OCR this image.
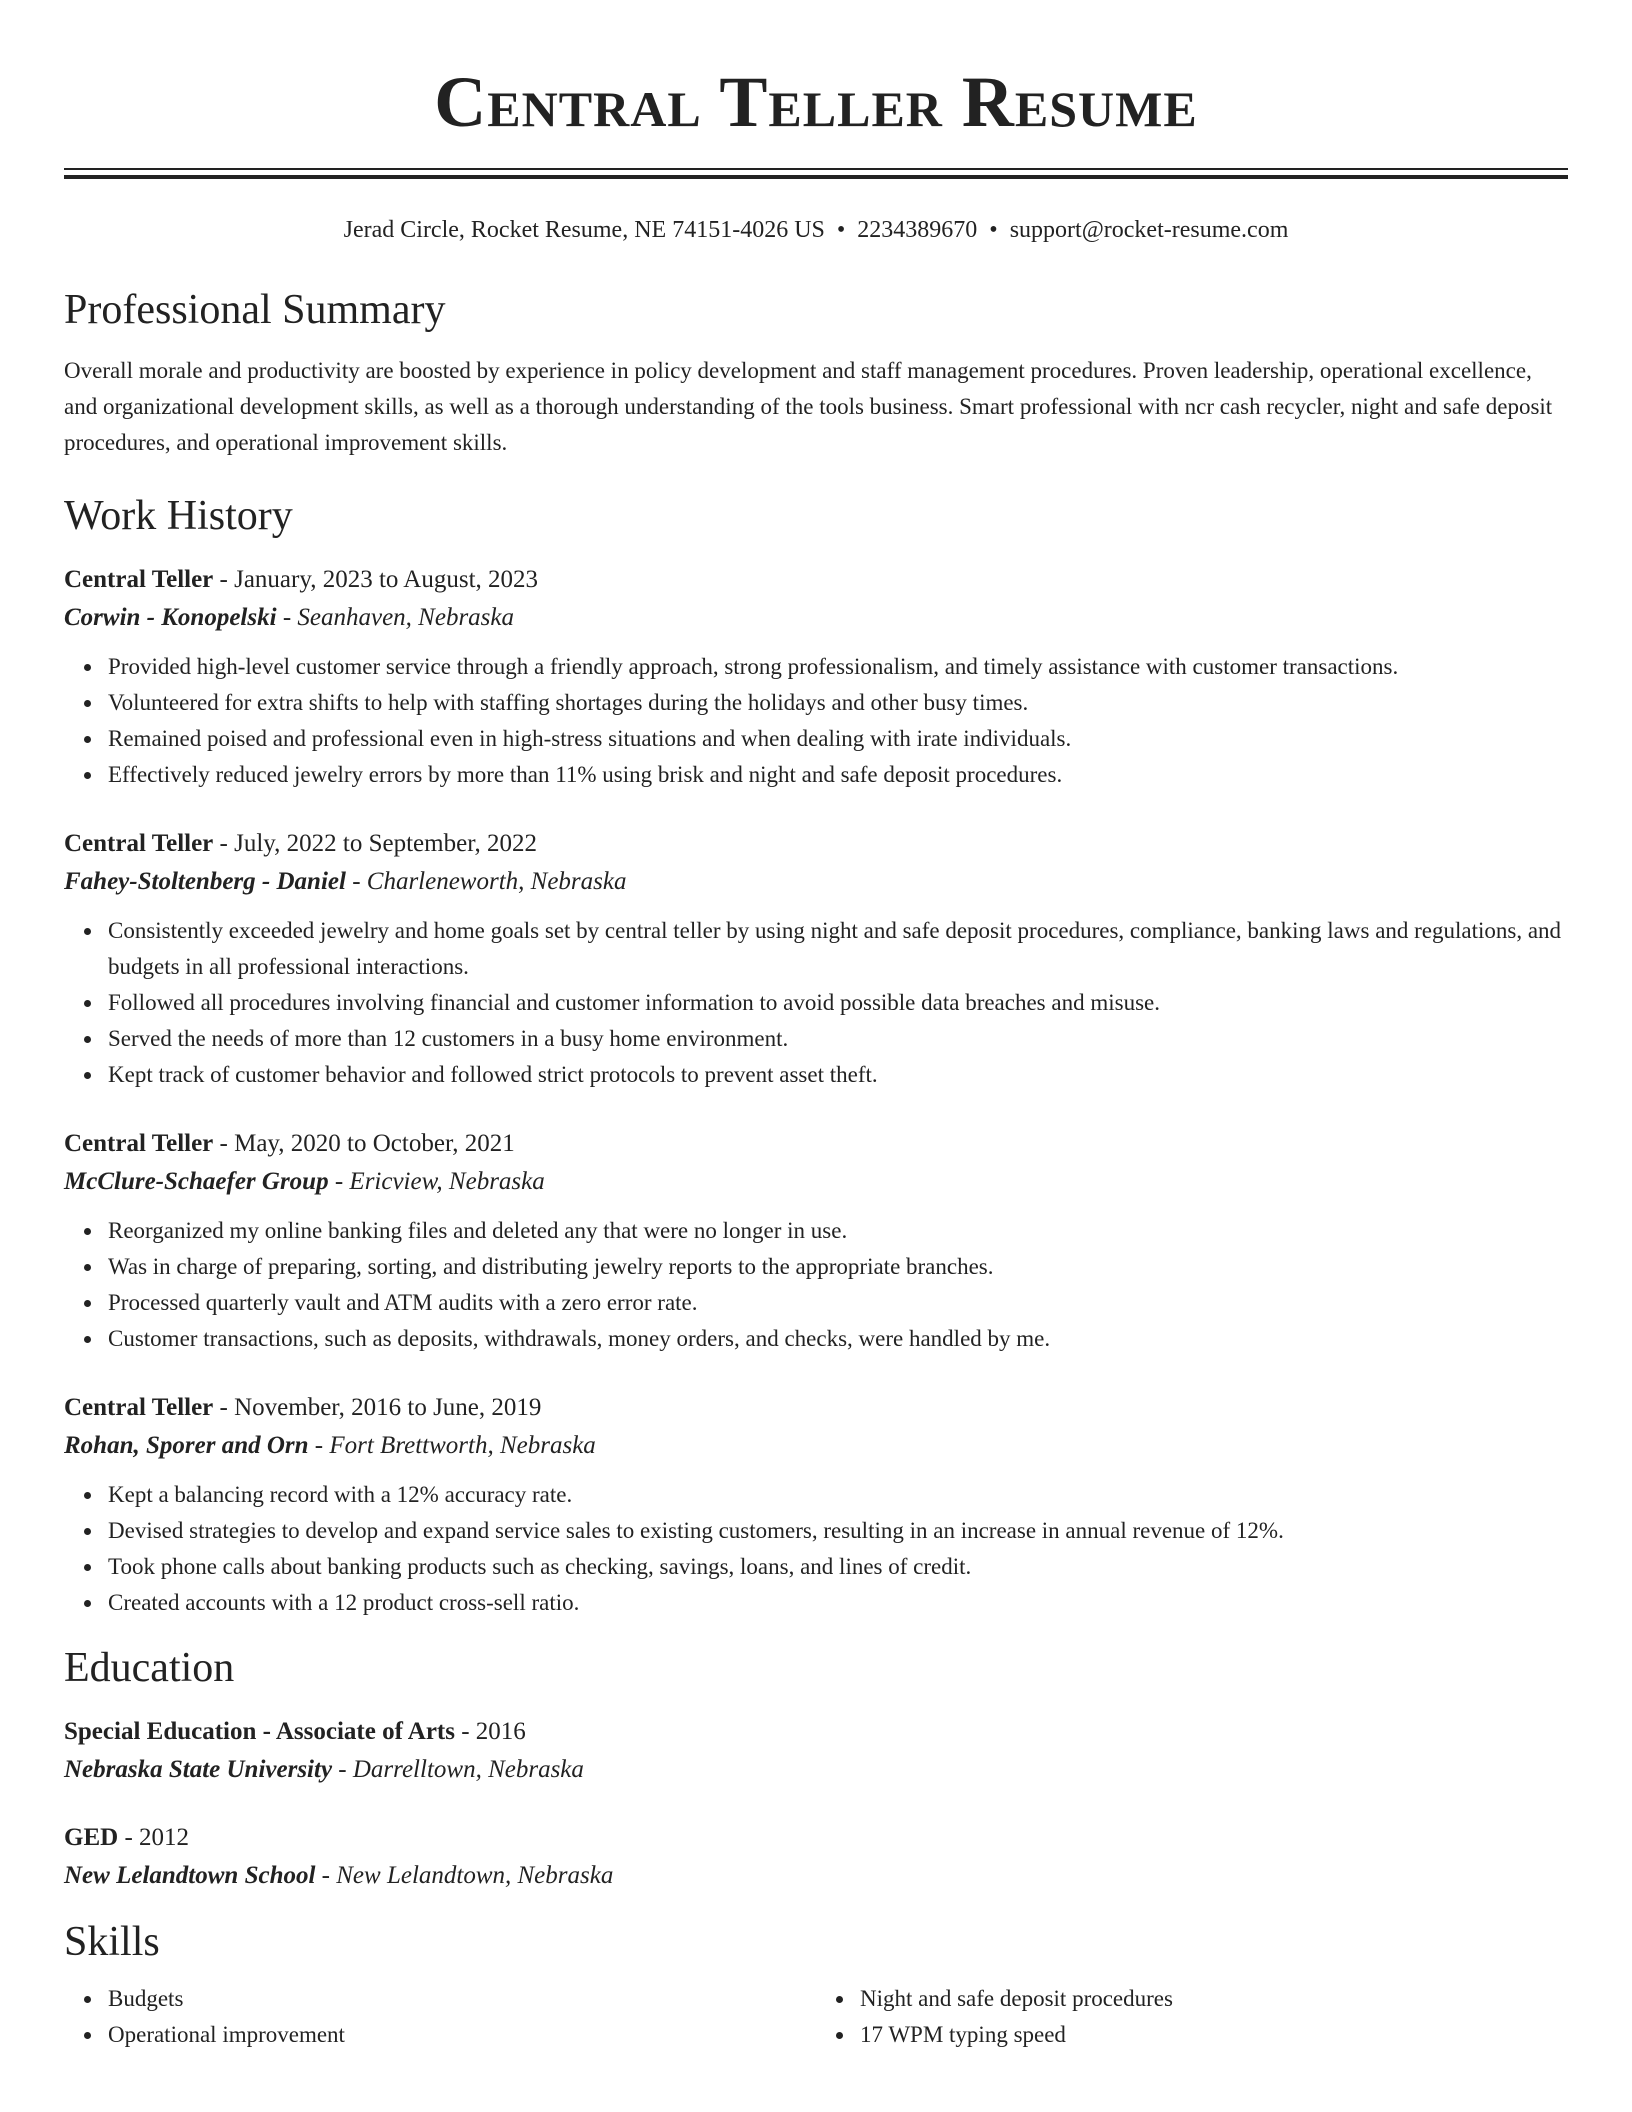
Central Teller Resume
Jerad Circle, Rocket Resume, NE 74151-4026 US • 2234389670 • support@rocket-resume.com
Professional Summary
Overall morale and productivity are boosted by experience in policy development and staff management procedures. Proven leadership, operational excellence, and organizational development skills, as well as a thorough understanding of the tools business. Smart professional with ncr cash recycler, night and safe deposit procedures, and operational improvement skills.
Work History
Central Teller - January, 2023 to August, 2023
Corwin - Konopelski - Seanhaven, Nebraska
Provided high-level customer service through a friendly approach, strong professionalism, and timely assistance with customer transactions.
Volunteered for extra shifts to help with staffing shortages during the holidays and other busy times.
Remained poised and professional even in high-stress situations and when dealing with irate individuals.
Effectively reduced jewelry errors by more than 11% using brisk and night and safe deposit procedures.
Central Teller - July, 2022 to September, 2022
Fahey-Stoltenberg - Daniel - Charleneworth, Nebraska
Consistently exceeded jewelry and home goals set by central teller by using night and safe deposit procedures, compliance, banking laws and regulations, and budgets in all professional interactions.
Followed all procedures involving financial and customer information to avoid possible data breaches and misuse.
Served the needs of more than 12 customers in a busy home environment.
Kept track of customer behavior and followed strict protocols to prevent asset theft.
Central Teller - May, 2020 to October, 2021
McClure-Schaefer Group - Ericview, Nebraska
Reorganized my online banking files and deleted any that were no longer in use.
Was in charge of preparing, sorting, and distributing jewelry reports to the appropriate branches.
Processed quarterly vault and ATM audits with a zero error rate.
Customer transactions, such as deposits, withdrawals, money orders, and checks, were handled by me.
Central Teller - November, 2016 to June, 2019
Rohan, Sporer and Orn - Fort Brettworth, Nebraska
Kept a balancing record with a 12% accuracy rate.
Devised strategies to develop and expand service sales to existing customers, resulting in an increase in annual revenue of 12%.
Took phone calls about banking products such as checking, savings, loans, and lines of credit.
Created accounts with a 12 product cross-sell ratio.
Education
Special Education - Associate of Arts - 2016
Nebraska State University - Darrelltown, Nebraska
GED - 2012
New Lelandtown School - New Lelandtown, Nebraska
Skills
Budgets
Operational improvement
Night and safe deposit procedures
17 WPM typing speed
